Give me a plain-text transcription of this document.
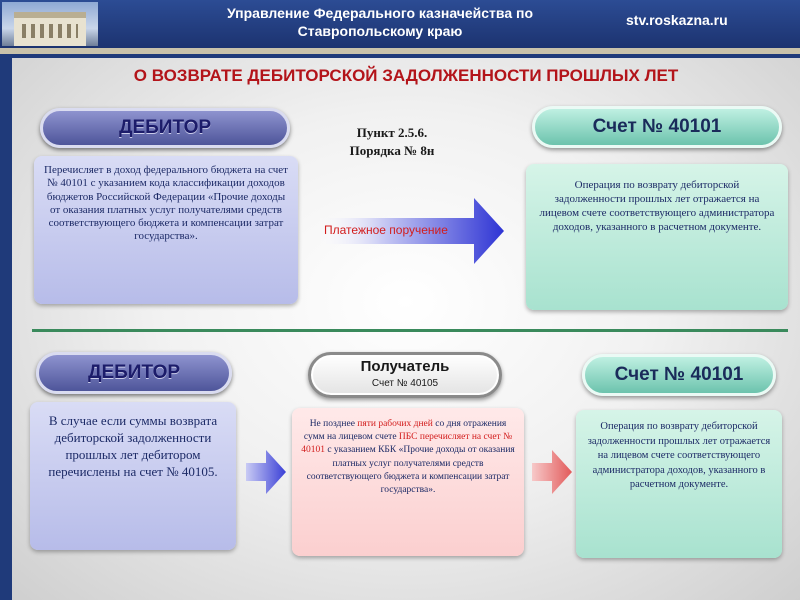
Управление Федерального казначейства по
Ставропольскому краю
stv.roskazna.ru
О ВОЗВРАТЕ ДЕБИТОРСКОЙ ЗАДОЛЖЕННОСТИ ПРОШЛЫХ ЛЕТ
ДЕБИТОР	Пункт 2.5.6.
Порядка № 8н
Счет № 40101
Перечисляет в доход федерального бюджета на счет № 40101 с указанием кода классификации доходов бюджетов Российской Федерации «Прочие доходы от оказания платных услуг получателями средств соответствующего бюджета и компенсации затрат государства».	Платежное поручение
Операция по возврату дебиторской задолженности прошлых лет отражается на лицевом счете соответствующего администратора доходов, указанного в расчетном документе.
ДЕБИТОР	Получатель
Счет № 40105	Счет № 40101
В случае если суммы возврата дебиторской задолженности прошлых лет дебитором перечислены на счет № 40105.
Не позднее пяти рабочих дней со дня отражения сумм на лицевом счете ПБС перечисляет на счет № 40101 с указанием КБК «Прочие доходы от оказания платных услуг получателями средств соответствующего бюджета и компенсации затрат государства».
Операция по возврату дебиторской задолженности прошлых лет отражается на лицевом счете соответствующего администратора доходов, указанного в расчетном документе.
